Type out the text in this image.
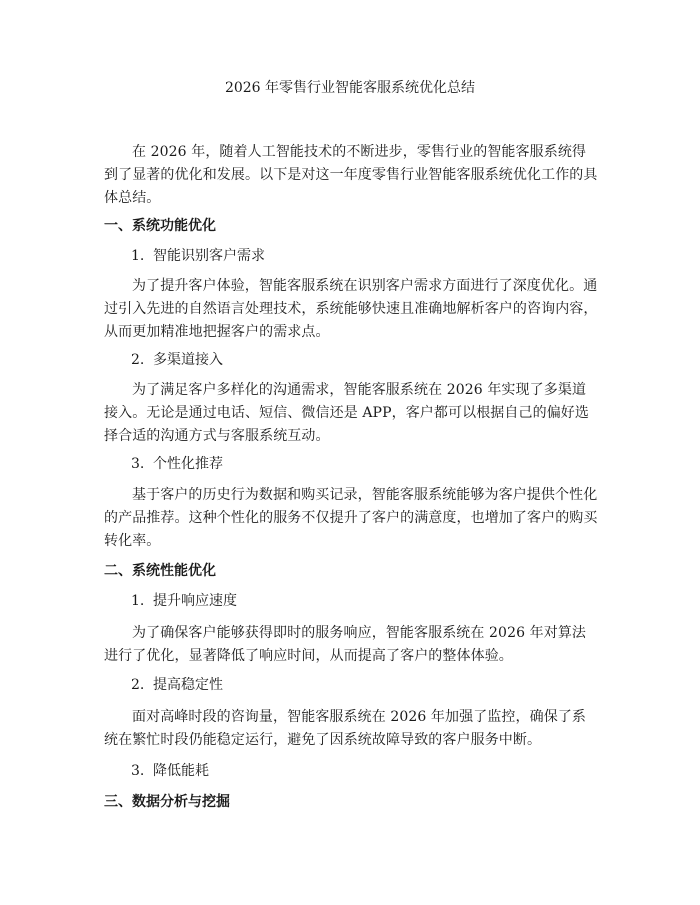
2026 年零售行业智能客服系统优化总结
在 2026 年，随着人工智能技术的不断进步，零售行业的智能客服系统得到了显著的优化和发展。以下是对这一年度零售行业智能客服系统优化工作的具体总结。
一、系统功能优化
1. 智能识别客户需求
为了提升客户体验，智能客服系统在识别客户需求方面进行了深度优化。通过引入先进的自然语言处理技术，系统能够快速且准确地解析客户的咨询内容，从而更加精准地把握客户的需求点。
2. 多渠道接入
为了满足客户多样化的沟通需求，智能客服系统在 2026 年实现了多渠道接入。无论是通过电话、短信、微信还是 APP，客户都可以根据自己的偏好选择合适的沟通方式与客服系统互动。
3. 个性化推荐
基于客户的历史行为数据和购买记录，智能客服系统能够为客户提供个性化的产品推荐。这种个性化的服务不仅提升了客户的满意度，也增加了客户的购买转化率。
二、系统性能优化
1. 提升响应速度
为了确保客户能够获得即时的服务响应，智能客服系统在 2026 年对算法进行了优化，显著降低了响应时间，从而提高了客户的整体体验。
2. 提高稳定性
面对高峰时段的咨询量，智能客服系统在 2026 年加强了监控，确保了系统在繁忙时段仍能稳定运行，避免了因系统故障导致的客户服务中断。
3. 降低能耗
三、数据分析与挖掘
